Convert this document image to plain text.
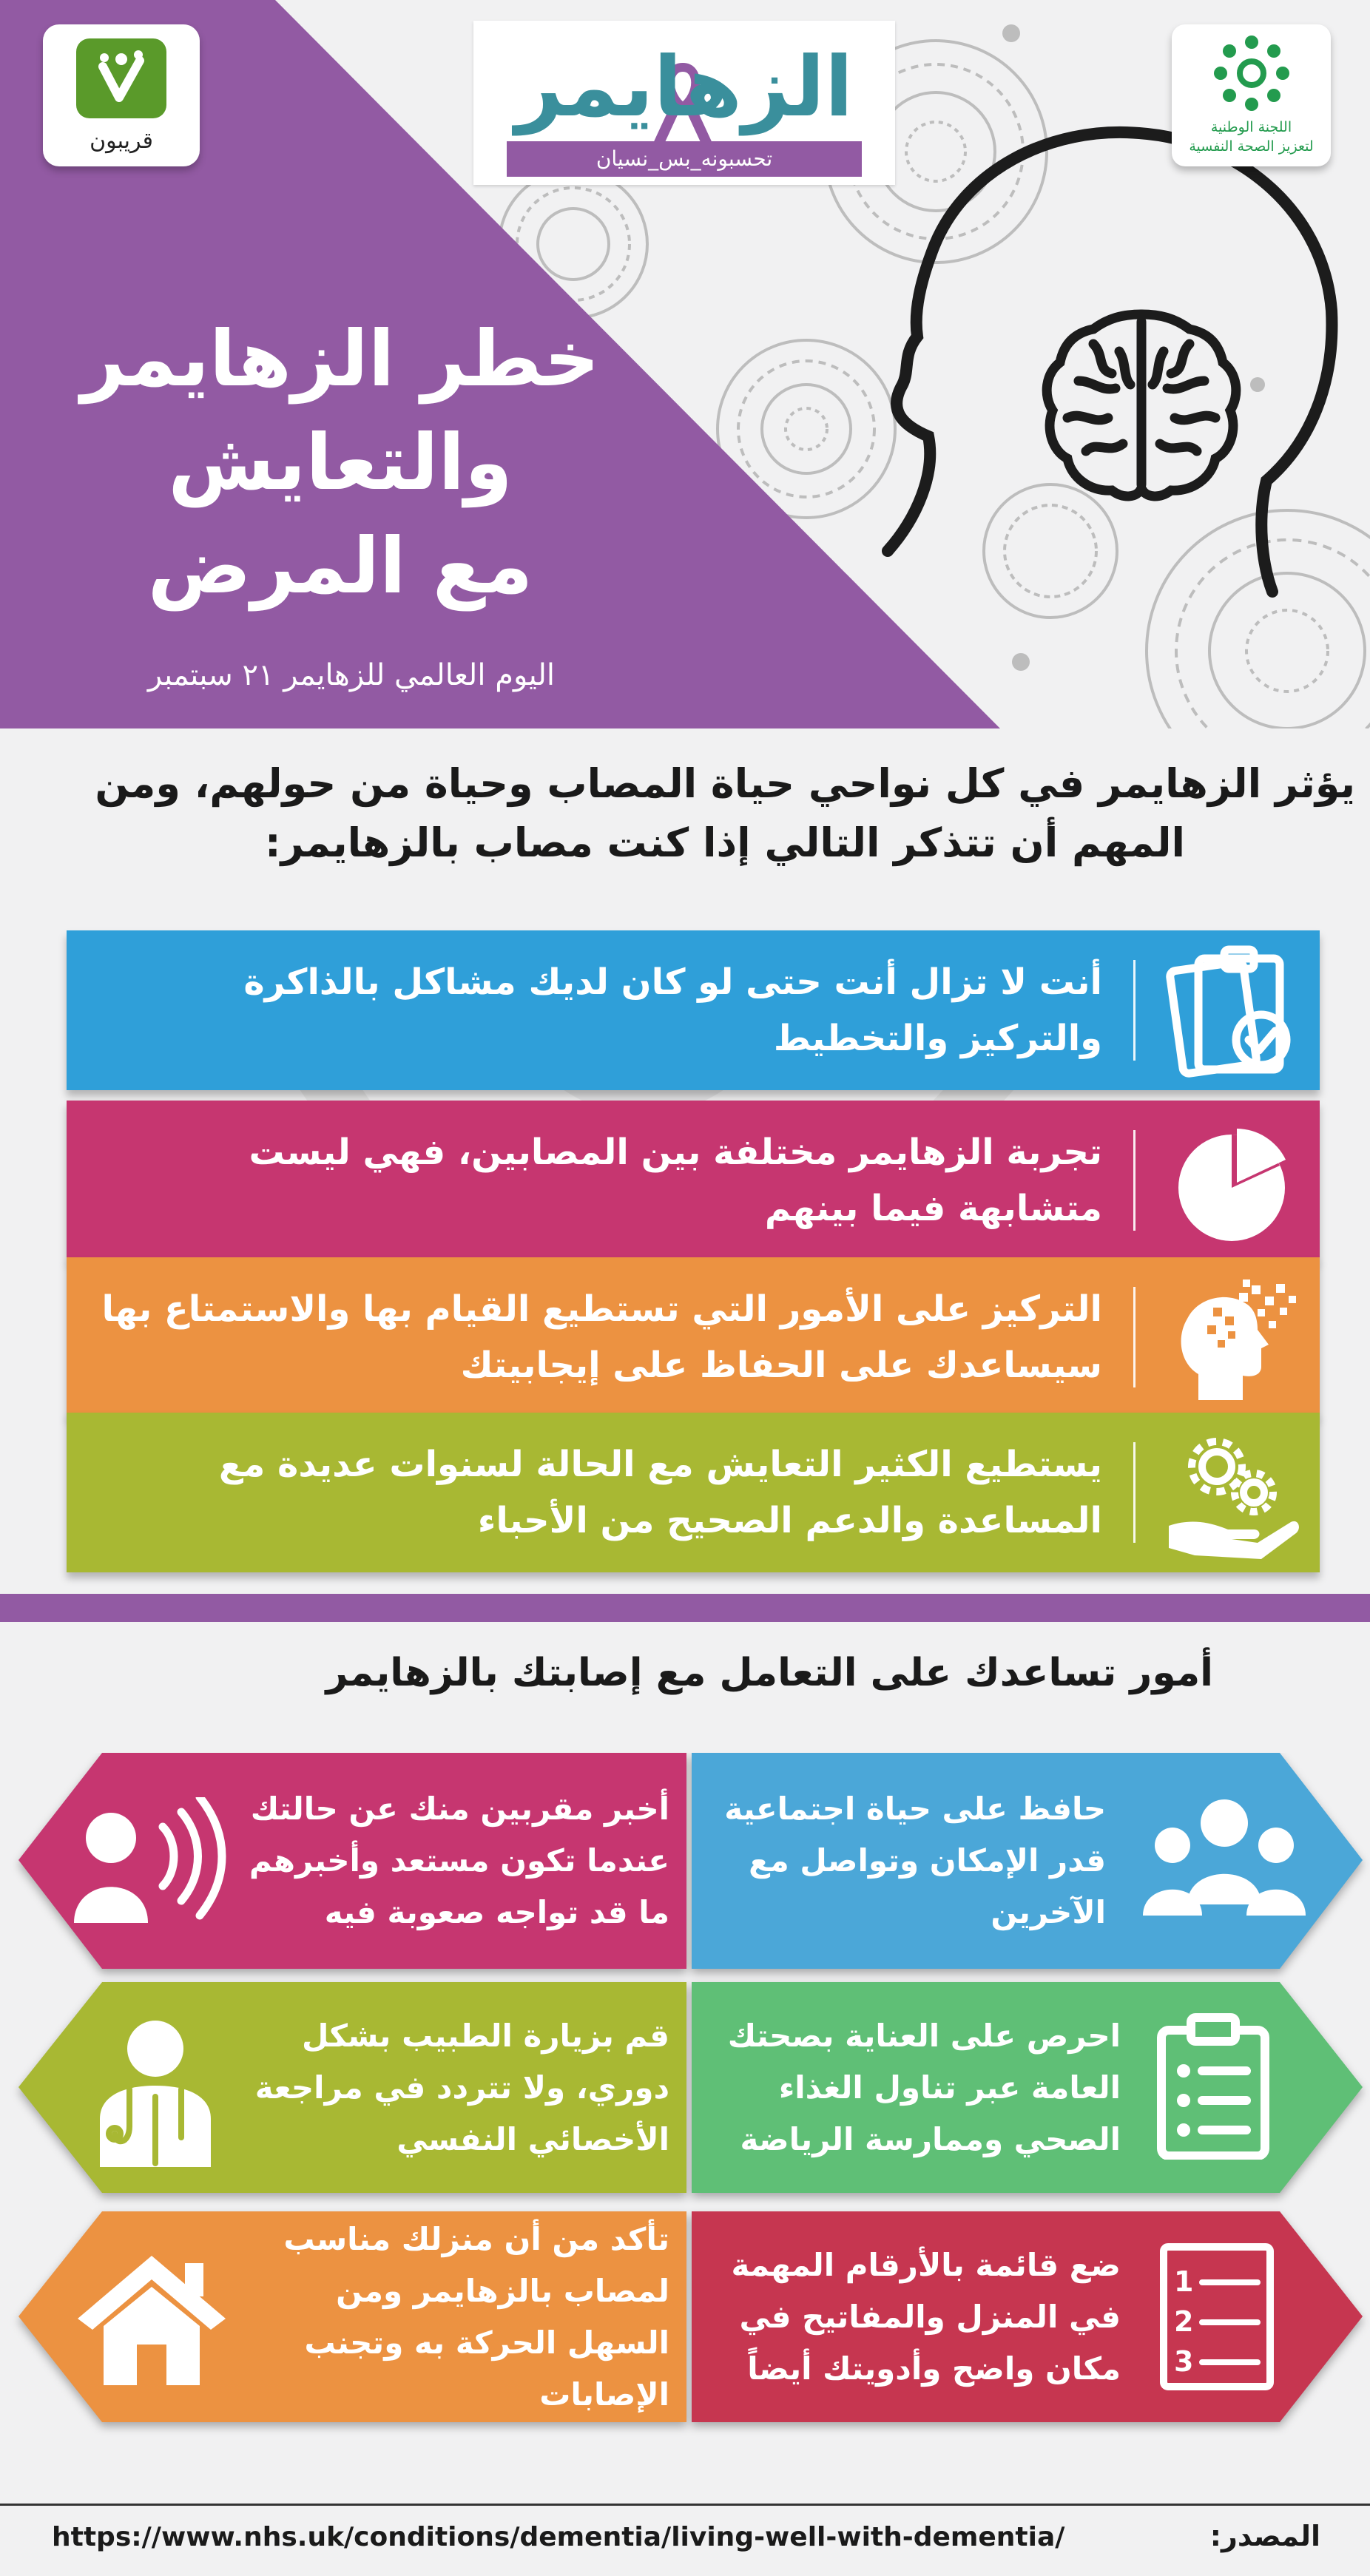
قريبون
الزهايمر
تحسبونه_بس_نسيان
اللجنة الوطنية
لتعزيز الصحة النفسية
خطر الزهايمر
والتعايش
مع المرض
اليوم العالمي للزهايمر ٢١ سبتمبر
يؤثر الزهايمر في كل نواحي حياة المصاب وحياة من حولهم، ومن
المهم أن تتذكر التالي إذا كنت مصاب بالزهايمر:
أنت لا تزال أنت حتى لو كان لديك مشاكل بالذاكرة والتركيز والتخطيط
تجربة الزهايمر مختلفة بين المصابين، فهي ليست متشابهة فيما بينهم
التركيز على الأمور التي تستطيع القيام بها والاستمتاع بها سيساعدك على الحفاظ على إيجابيتك
يستطيع الكثير التعايش مع الحالة لسنوات عديدة مع المساعدة والدعم الصحيح من الأحباء
أمور تساعدك على التعامل مع إصابتك بالزهايمر
حافظ على حياة اجتماعية قدر الإمكان وتواصل مع الآخرين
أخبر مقربين منك عن حالتك عندما تكون مستعد وأخبرهم ما قد تواجه صعوبة فيه
احرص على العناية بصحتك العامة عبر تناول الغذاء الصحي وممارسة الرياضة
قم بزيارة الطبيب بشكل دوري، ولا تتردد في مراجعة الأخصائي النفسي
ضع قائمة بالأرقام المهمة في المنزل والمفاتيح في مكان واضح وأدويتك أيضاً
1
2
3
تأكد من أن منزلك مناسب لمصاب بالزهايمر ومن السهل الحركة به وتجنب الإصابات
المصدر:
https://www.nhs.uk/conditions/dementia/living-well-with-dementia/
